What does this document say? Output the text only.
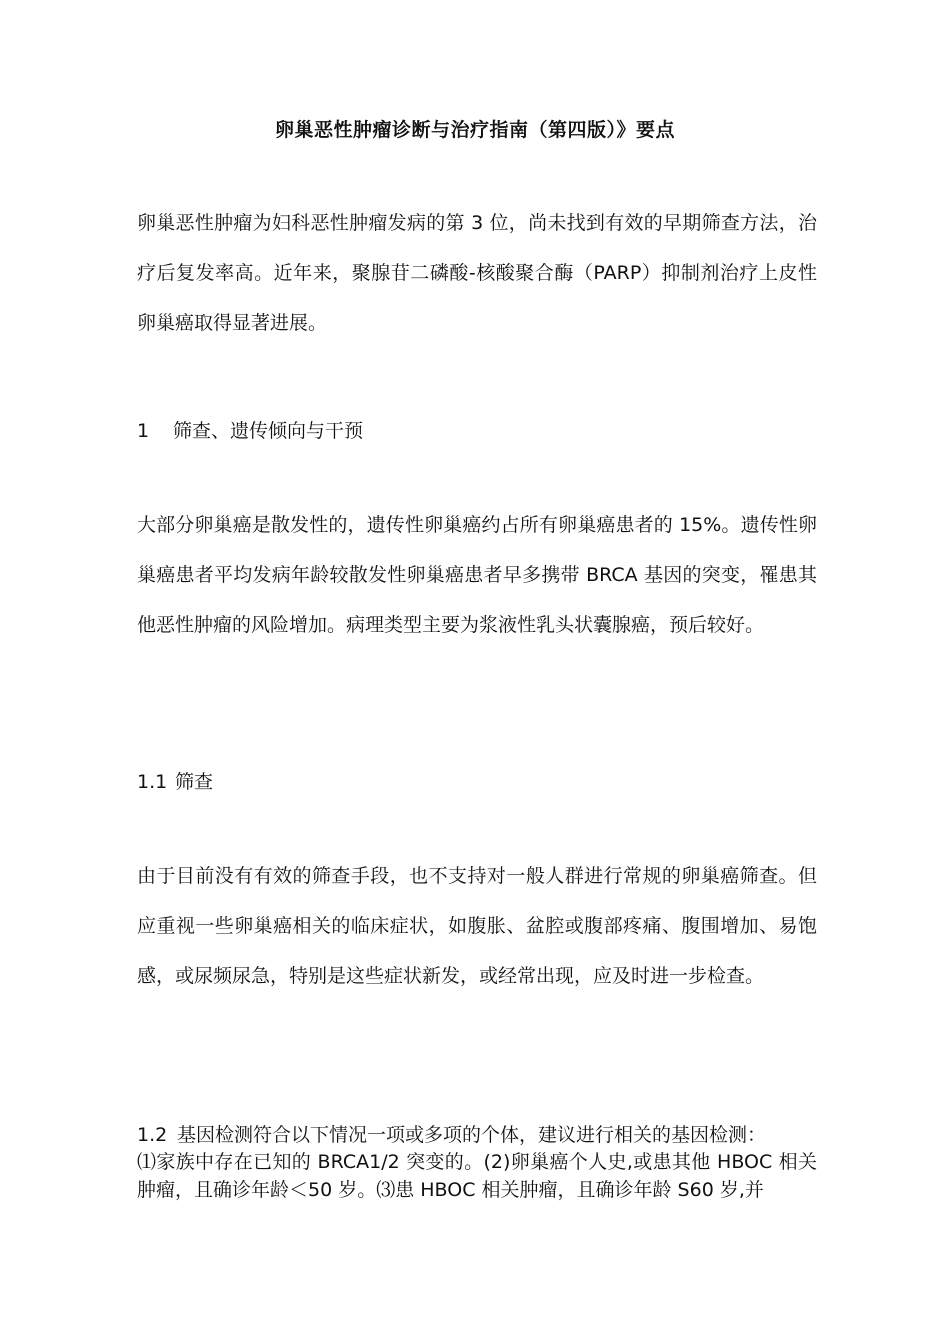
卵巢恶性肿瘤诊断与治疗指南（第四版）》要点

卵巢恶性肿瘤为妇科恶性肿瘤发病的第 3 位，尚未找到有效的早期筛查方法，治疗后复发率高。近年来，聚腺苷二磷酸-核酸聚合酶（PARP）抑制剂治疗上皮性卵巢癌取得显著进展。

1 筛查、遗传倾向与干预

大部分卵巢癌是散发性的，遗传性卵巢癌约占所有卵巢癌患者的 15%。遗传性卵巢癌患者平均发病年龄较散发性卵巢癌患者早多携带 BRCA 基因的突变，罹患其他恶性肿瘤的风险增加。病理类型主要为浆液性乳头状囊腺癌，预后较好。

1.1 筛查

由于目前没有有效的筛查手段，也不支持对一般人群进行常规的卵巢癌筛查。但应重视一些卵巢癌相关的临床症状，如腹胀、盆腔或腹部疼痛、腹围增加、易饱感，或尿频尿急，特别是这些症状新发，或经常出现，应及时进一步检查。

1.2 基因检测符合以下情况一项或多项的个体，建议进行相关的基因检测：

⑴家族中存在已知的 BRCA1/2 突变的。(2)卵巢癌个人史,或患其他 HBOC 相关肿瘤，且确诊年龄＜50 岁。⑶患 HBOC 相关肿瘤，且确诊年龄 S60 岁,并
